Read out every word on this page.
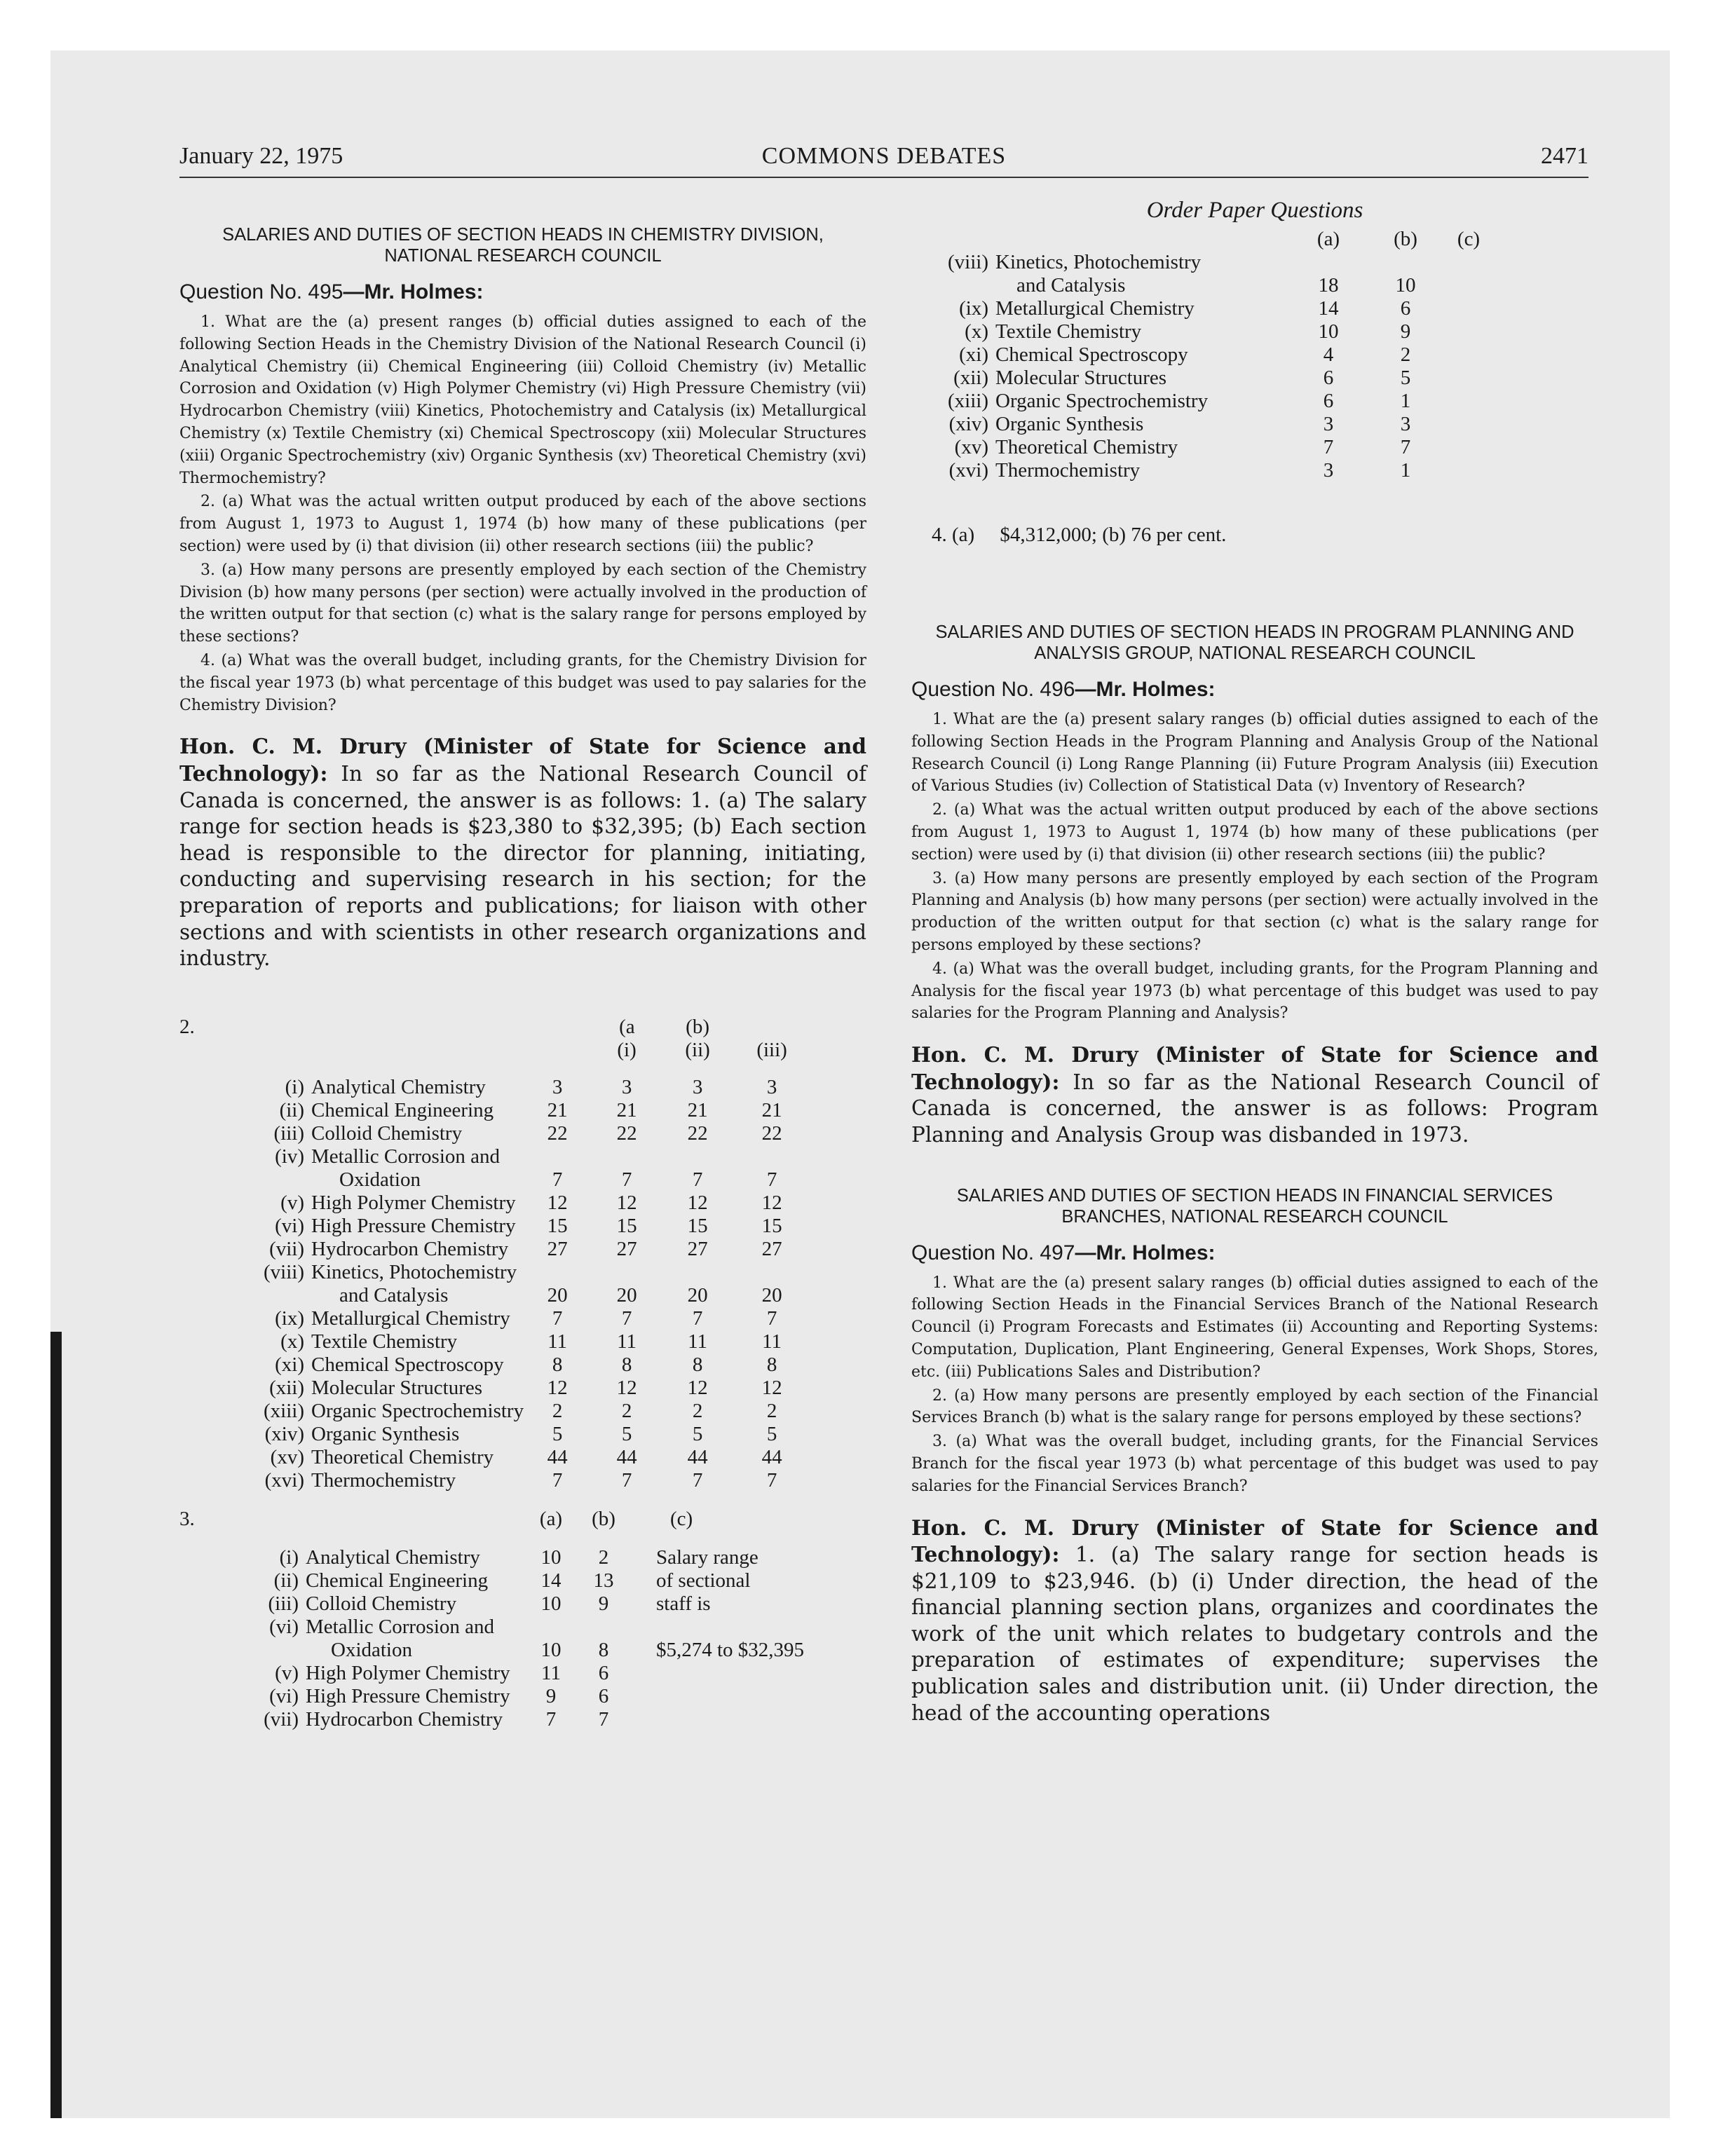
January 22, 1975	COMMONS DEBATES	2471
SALARIES AND DUTIES OF SECTION HEADS IN CHEMISTRY DIVISION, NATIONAL RESEARCH COUNCIL
Question No. 495—Mr. Holmes:

1. What are the (a) present ranges (b) official duties assigned to each of the following Section Heads in the Chemistry Division of the National Research Council (i) Analytical Chemistry (ii) Chemical Engineering (iii) Colloid Chemistry (iv) Metallic Corrosion and Oxidation (v) High Polymer Chemistry (vi) High Pressure Chemistry (vii) Hydrocarbon Chemistry (viii) Kinetics, Photochemistry and Catalysis (ix) Metallurgical Chemistry (x) Textile Chemistry (xi) Chemical Spectroscopy (xii) Molecular Structures (xiii) Organic Spectrochemistry (xiv) Organic Synthesis (xv) Theoretical Chemistry (xvi) Thermochemistry?

2. (a) What was the actual written output produced by each of the above sections from August 1, 1973 to August 1, 1974 (b) how many of these publications (per section) were used by (i) that division (ii) other research sections (iii) the public?

3. (a) How many persons are presently employed by each section of the Chemistry Division (b) how many persons (per section) were actually involved in the production of the written output for that section (c) what is the salary range for persons employed by these sections?

4. (a) What was the overall budget, including grants, for the Chemistry Division for the fiscal year 1973 (b) what percentage of this budget was used to pay salaries for the Chemistry Division?

Hon. C. M. Drury (Minister of State for Science and Technology): In so far as the National Research Council of Canada is concerned, the answer is as follows: 1. (a) The salary range for section heads is $23,380 to $32,395; (b) Each section head is responsible to the director for planning, initiating, conducting and supervising research in his section; for the preparation of reports and publications; for liaison with other sections and with scientists in other research organizations and industry.
2.				(a	(b)	
				(i)	(ii)	(iii)

	(i)	Analytical Chemistry	3	3	3	3
	(ii)	Chemical Engineering	21	21	21	21
	(iii)	Colloid Chemistry	22	22	22	22
	(iv)	Metallic Corrosion and				
		Oxidation	7	7	7	7
	(v)	High Polymer Chemistry	12	12	12	12
	(vi)	High Pressure Chemistry	15	15	15	15
	(vii)	Hydrocarbon Chemistry	27	27	27	27
	(viii)	Kinetics, Photochemistry				
		and Catalysis	20	20	20	20
	(ix)	Metallurgical Chemistry	7	7	7	7
	(x)	Textile Chemistry	11	11	11	11
	(xi)	Chemical Spectroscopy	8	8	8	8
	(xii)	Molecular Structures	12	12	12	12
	(xiii)	Organic Spectrochemistry	2	2	2	2
	(xiv)	Organic Synthesis	5	5	5	5
	(xv)	Theoretical Chemistry	44	44	44	44
	(xvi)	Thermochemistry	7	7	7	7
3.			(a)	(b)	(c)

	(i)	Analytical Chemistry	10	2	Salary range
	(ii)	Chemical Engineering	14	13	of sectional
	(iii)	Colloid Chemistry	10	9	staff is
	(vi)	Metallic Corrosion and			
		Oxidation	10	8	$5,274 to $32,395
	(v)	High Polymer Chemistry	11	6	
	(vi)	High Pressure Chemistry	9	6	
	(vii)	Hydrocarbon Chemistry	7	7	
Order Paper Questions
		(a)	(b)	(c)
(viii)	Kinetics, Photochemistry			
	and Catalysis	18	10	
(ix)	Metallurgical Chemistry	14	6	
(x)	Textile Chemistry	10	9	
(xi)	Chemical Spectroscopy	4	2	
(xii)	Molecular Structures	6	5	
(xiii)	Organic Spectrochemistry	6	1	
(xiv)	Organic Synthesis	3	3	
(xv)	Theoretical Chemistry	7	7	
(xvi)	Thermochemistry	3	1	

4. (a)     $4,312,000; (b) 76 per cent.

SALARIES AND DUTIES OF SECTION HEADS IN PROGRAM PLANNING AND ANALYSIS GROUP, NATIONAL RESEARCH COUNCIL
Question No. 496—Mr. Holmes:

1. What are the (a) present salary ranges (b) official duties assigned to each of the following Section Heads in the Program Planning and Analysis Group of the National Research Council (i) Long Range Planning (ii) Future Program Analysis (iii) Execution of Various Studies (iv) Collection of Statistical Data (v) Inventory of Research?

2. (a) What was the actual written output produced by each of the above sections from August 1, 1973 to August 1, 1974 (b) how many of these publications (per section) were used by (i) that division (ii) other research sections (iii) the public?

3. (a) How many persons are presently employed by each section of the Program Planning and Analysis (b) how many persons (per section) were actually involved in the production of the written output for that section (c) what is the salary range for persons employed by these sections?

4. (a) What was the overall budget, including grants, for the Program Planning and Analysis for the fiscal year 1973 (b) what percentage of this budget was used to pay salaries for the Program Planning and Analysis?

Hon. C. M. Drury (Minister of State for Science and Technology): In so far as the National Research Council of Canada is concerned, the answer is as follows: Program Planning and Analysis Group was disbanded in 1973.
SALARIES AND DUTIES OF SECTION HEADS IN FINANCIAL SERVICES BRANCHES, NATIONAL RESEARCH COUNCIL
Question No. 497—Mr. Holmes:

1. What are the (a) present salary ranges (b) official duties assigned to each of the following Section Heads in the Financial Services Branch of the National Research Council (i) Program Forecasts and Estimates (ii) Accounting and Reporting Systems: Computation, Duplication, Plant Engineering, General Expenses, Work Shops, Stores, etc. (iii) Publications Sales and Distribution?

2. (a) How many persons are presently employed by each section of the Financial Services Branch (b) what is the salary range for persons employed by these sections?

3. (a) What was the overall budget, including grants, for the Financial Services Branch for the fiscal year 1973 (b) what percentage of this budget was used to pay salaries for the Financial Services Branch?

Hon. C. M. Drury (Minister of State for Science and Technology): 1. (a) The salary range for section heads is $21,109 to $23,946. (b) (i) Under direction, the head of the financial planning section plans, organizes and coordinates the work of the unit which relates to budgetary controls and the preparation of estimates of expenditure; supervises the publication sales and distribution unit. (ii) Under direction, the head of the accounting operations
